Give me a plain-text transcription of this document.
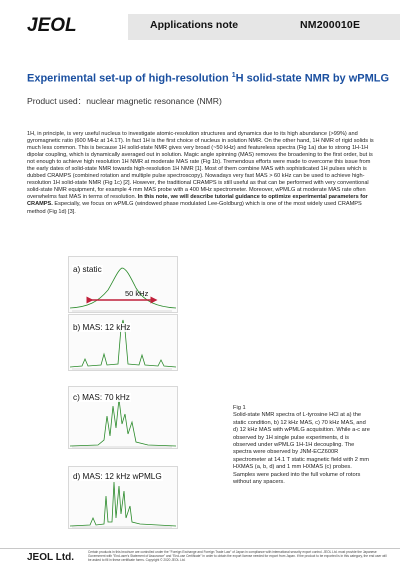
JEOL	Applications note	NM200010E
Experimental set-up of high-resolution $^1$H solid-state NMR by wPMLG
Product used：nuclear magnetic resonance (NMR)
1H, in principle, is very useful nucleus to investigate atomic-resolution structures and dynamics due to its high abundance (>99%) and gyromagnetic ratio (600 MHz at 14.1T). In fact 1H is the first choice of nucleus in solution NMR. On the other hand, 1H NMR of rigid solids is much less common. This is because 1H solid-state NMR gives very broad (~50 kHz) and featureless spectra (Fig 1a) due to strong 1H-1H dipolar coupling, which is dynamically averaged out in solution. Magic angle spinning (MAS) removes the broadening to the first order, but is not enough to achieve high resolution 1H NMR at moderate MAS rate (Fig 1b). Tremendous efforts were made to overcome this issue from the early dates of solid-state NMR towards high-resolution 1H NMR [1]. Most of them combine MAS with sophisticated 1H pulses which is dubbed CRAMPS (combined rotation and multiple pulse spectroscopy). Nowadays very fast MAS > 60 kHz can be used to achieve high-resolution 1H solid-state NMR (Fig 1c) [2]. However, the traditional CRAMPS is still useful as that can be performed with very conventional solid-state NMR equipment, for example 4 mm MAS probe with a 400 MHz spectrometer. Moreover, wPMLG at moderate MAS rate often overwhelms fast MAS in terms of resolution. In this note, we will describe tutorial guidance to optimize experimental parameters for CRAMPS. Especially, we focus on wPMLG (windowed phase modulated Lee-Goldburg) which is one of the most widely used CRAMPS method (Fig 1d) [3].
a) static
50 kHz
b) MAS: 12 kHz
c) MAS: 70 kHz
d) MAS: 12 kHz wPMLG
Fig 1
Solid-state NMR spectra of L-tyrosine HCl at a) the static condition, b) 12 kHz MAS, c) 70 kHz MAS, and d) 12 kHz MAS with wPMLG acquisition. While a-c are observed by 1H single pulse experiments, d is observed under wPMLG 1H-1H decoupling. The spectra were observed by JNM-ECZ600R spectrometer at 14.1 T static magnetic field with 2 mm HXMAS (a, b, d) and 1 mm HXMAS (c) probes. Samples were packed into the full volume of rotors without any spacers.
JEOL Ltd.	Certain products in this brochure are controlled under the "Foreign Exchange and Foreign Trade Law" of Japan in compliance with international security export control. JEOL Ltd. must provide the Japanese Government with "End-user's Statement of Assurance" and "End-use Certificate" in order to obtain the export license needed for export from Japan. If the product to be exported is in this category, the end user will be asked to fill in these certificate forms. Copyright © 2020 JEOL Ltd.
